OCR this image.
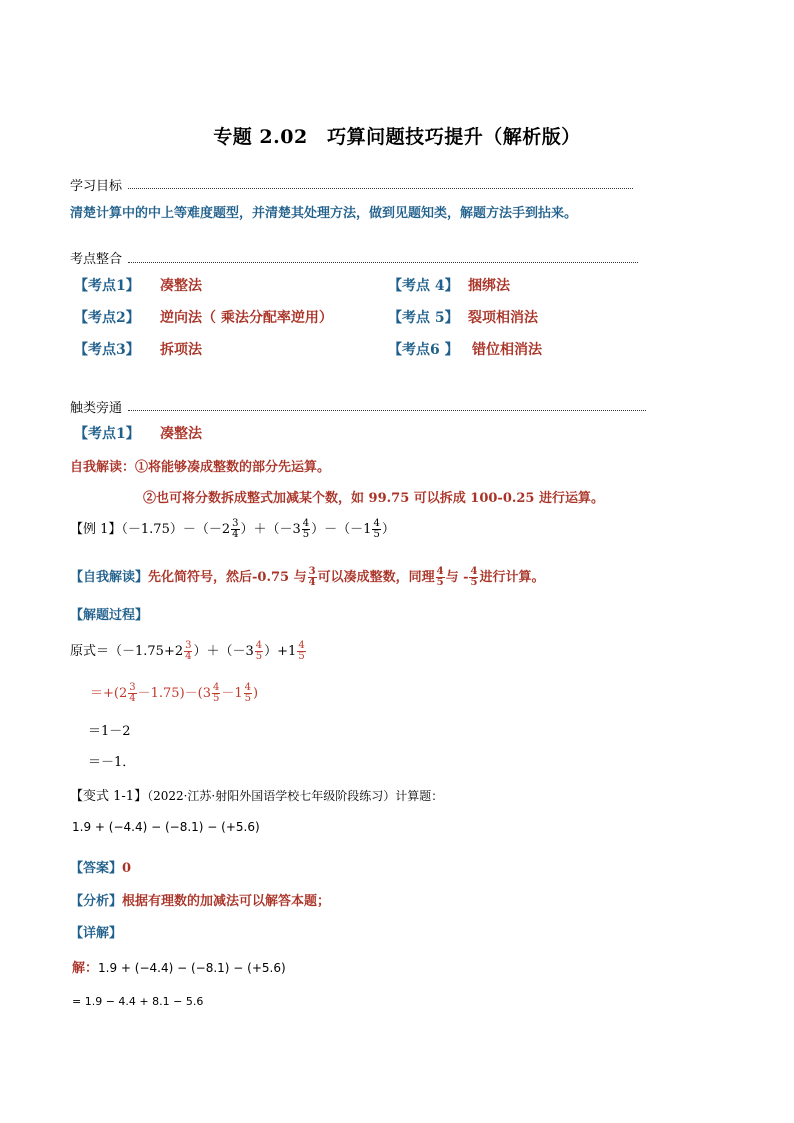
专题 2.02　巧算问题技巧提升（解析版）
学习目标
清楚计算中的中上等难度题型，并清楚其处理方法，做到见题知类，解题方法手到拈来。
考点整合
【考点1】 凑整法	【考点 4】 捆绑法
【考点2】 逆向法（ 乘法分配率逆用）	【考点 5】 裂项相消法
【考点3】 拆项法	【考点6 】 错位相消法
触类旁通
【考点1】 凑整法
自我解读：①将能够凑成整数的部分先运算。
②也可将分数拆成整式加减某个数，如 99.75 可以拆成 100-0.25 进行运算。
【例 1】$(-1.75)-(-2 \frac{3}{4} )+(-3 \frac{4}{5} )-(-1 \frac{4}{5}$ ）
【自我解读】先化简符号，然后-0.75 与 $\frac{3}{4}$ 可以凑成整数，同理 $\frac{4}{5}$ 与 - $\frac{4}{5}$ 进行计算。
【解题过程】
原式$=(-1.75+2 \frac{3}{4} )+(-3 \frac{4}{5} )+1 \frac{4}{5}$
$=+(2 \frac{3}{4} -1.75)-(3 \frac{4}{5} -1 \frac{4}{5}$ )
＝1－2
＝－1．
【变式 1-1】（2022·江苏·射阳外国语学校七年级阶段练习）计算题：
1.9 + (−4.4) − (−8.1) − (+5.6)
【答案】0
【分析】根据有理数的加减法可以解答本题；
【详解】
解：1.9 + (−4.4) − (−8.1) − (+5.6)
= 1.9 − 4.4 + 8.1 − 5.6
